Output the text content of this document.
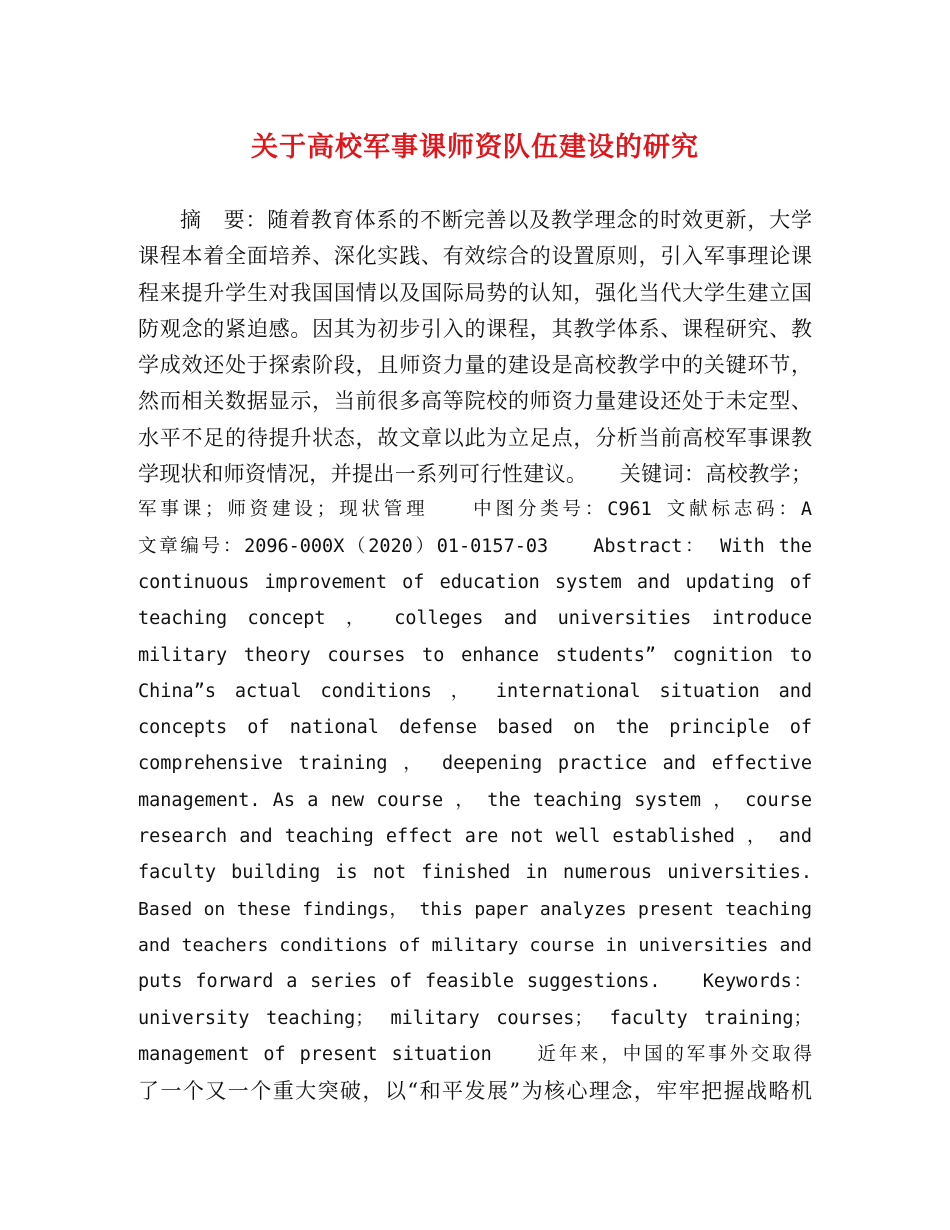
关于高校军事课师资队伍建设的研究
摘　要：随着教育体系的不断完善以及教学理念的时效更新，大学
课程本着全面培养、深化实践、有效综合的设置原则，引入军事理论课
程来提升学生对我国国情以及国际局势的认知，强化当代大学生建立国
防观念的紧迫感。因其为初步引入的课程，其教学体系、课程研究、教
学成效还处于探索阶段，且师资力量的建设是高校教学中的关键环节，
然而相关数据显示，当前很多高等院校的师资力量建设还处于未定型、
水平不足的待提升状态，故文章以此为立足点，分析当前高校军事课教
学现状和师资情况，并提出一系列可行性建议。　　关键词：高校教学；
军事课；师资建设；现状管理　　中图分类号：C961 文献标志码：A
文章编号：2096-000X（2020）01-0157-03　　Abstract： With the
continuous improvement of education system and updating of
teaching concept ， colleges and universities introduce
military theory courses to enhance students” cognition to
China”s actual conditions ， international situation and
concepts of national defense based on the principle of
comprehensive training ， deepening practice and effective
management. As a new course ， the teaching system ， course
research and teaching effect are not well established ， and
faculty building is not finished in numerous universities.
Based on these findings， this paper analyzes present teaching
and teachers conditions of military course in universities and
puts forward a series of feasible suggestions.　　Keywords：
university teaching； military courses； faculty training；
management of present situation　　近年来，中国的军事外交取得
了一个又一个重大突破，以“和平发展”为核心理念，牢牢把握战略机
